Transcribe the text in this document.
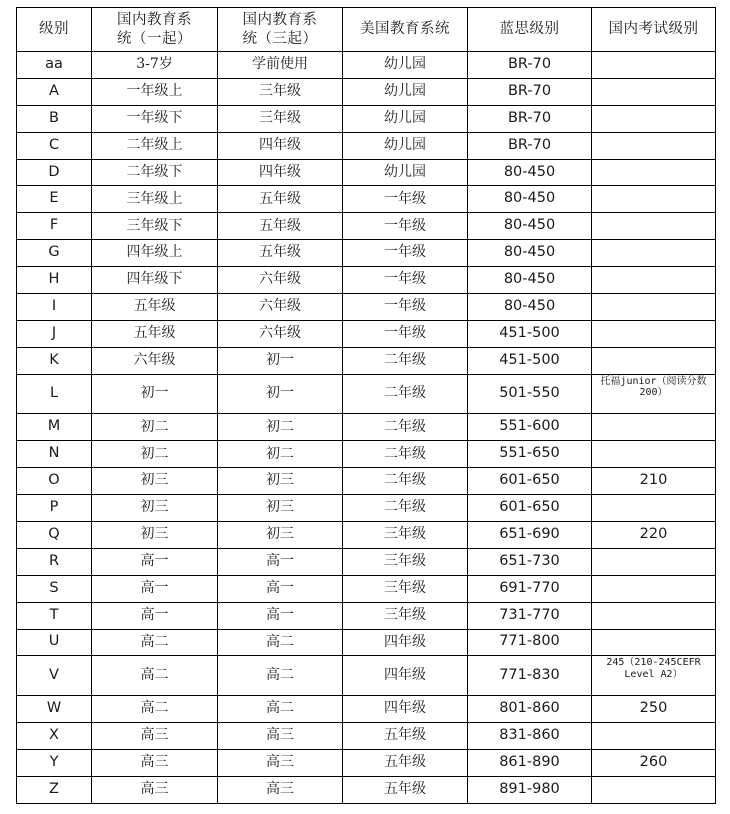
级别	国内教育系统（一起）	国内教育系统（三起）	美国教育系统	蓝思级别	国内考试级别
aa	3-7岁	学前使用	幼儿园	BR-70	
A	一年级上	三年级	幼儿园	BR-70	
B	一年级下	三年级	幼儿园	BR-70	
C	二年级上	四年级	幼儿园	BR-70	
D	二年级下	四年级	幼儿园	80-450	
E	三年级上	五年级	一年级	80-450	
F	三年级下	五年级	一年级	80-450	
G	四年级上	五年级	一年级	80-450	
H	四年级下	六年级	一年级	80-450	
I	五年级	六年级	一年级	80-450	
J	五年级	六年级	一年级	451-500	
K	六年级	初一	二年级	451-500	
L	初一	初一	二年级	501-550	托福junior（阅读分数200）
M	初二	初二	二年级	551-600	
N	初二	初二	二年级	551-650	
O	初三	初三	二年级	601-650	210
P	初三	初三	二年级	601-650	
Q	初三	初三	三年级	651-690	220
R	高一	高一	三年级	651-730	
S	高一	高一	三年级	691-770	
T	高一	高一	三年级	731-770	
U	高二	高二	四年级	771-800	
V	高二	高二	四年级	771-830	245（210-245CEFR Level A2）
W	高二	高二	四年级	801-860	250
X	高三	高三	五年级	831-860	
Y	高三	高三	五年级	861-890	260
Z	高三	高三	五年级	891-980	
